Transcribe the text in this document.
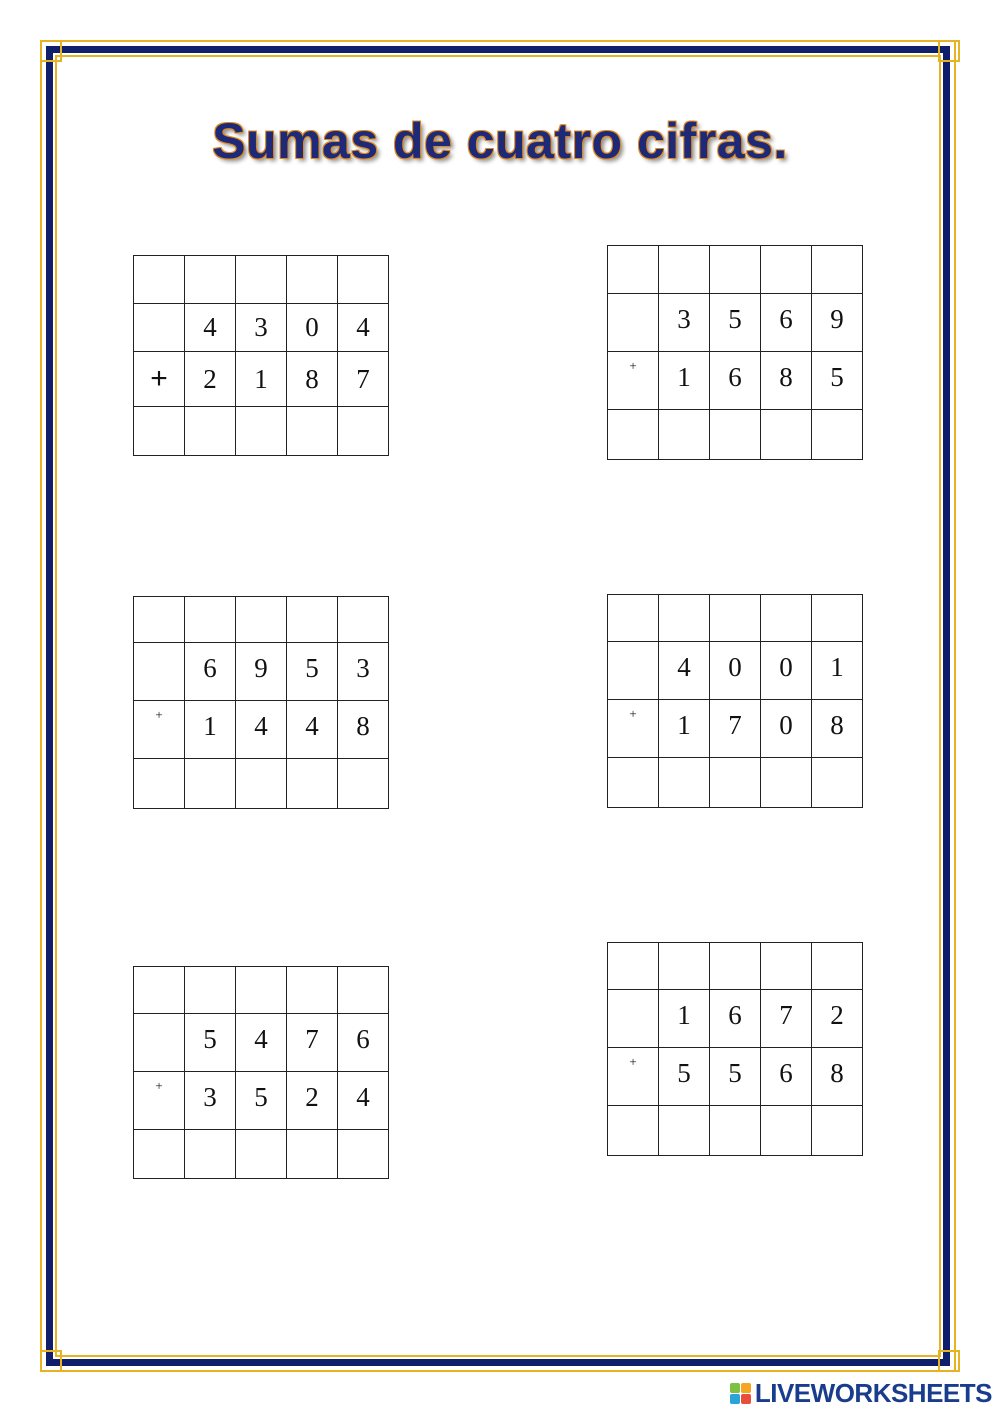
Sumas de cuatro cifras.

	4	3	0	4
+	2	1	8	7

	3	5	6	9
+	1	6	8	5

	6	9	5	3
+	1	4	4	8

	4	0	0	1
+	1	7	0	8

	5	4	7	6
+	3	5	2	4

	1	6	7	2
+	5	5	6	8

LIVEWORKSHEETS
